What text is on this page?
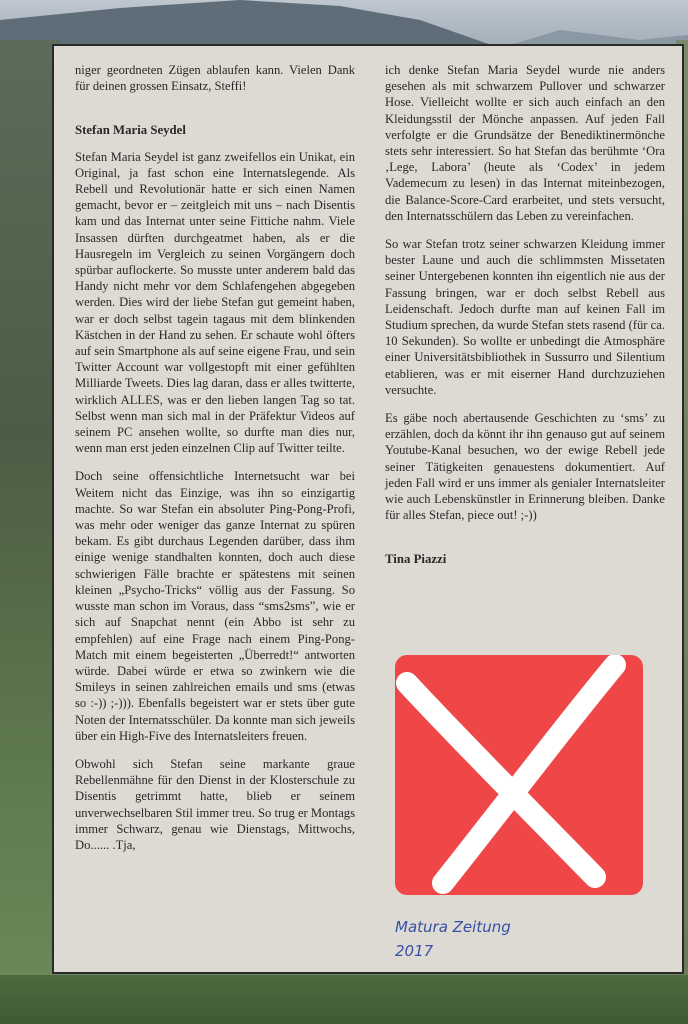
niger geordneten Zügen ablaufen kann. Vielen Dank für deinen grossen Einsatz, Steffi!

Stefan Maria Seydel

Stefan Maria Seydel ist ganz zweifellos ein Unikat, ein Original, ja fast schon eine Internatslegende. Als Rebell und Revolutionär hatte er sich einen Namen gemacht, bevor er – zeitgleich mit uns – nach Disentis kam und das Internat unter seine Fittiche nahm. Viele Insassen dürften durchgeatmet haben, als er die Hausregeln im Vergleich zu seinen Vorgängern doch spürbar auflockerte. So musste unter anderem bald das Handy nicht mehr vor dem Schlafengehen abgegeben werden. Dies wird der liebe Stefan gut gemeint haben, war er doch selbst tagein tagaus mit dem blinkenden Kästchen in der Hand zu sehen. Er schaute wohl öfters auf sein Smartphone als auf seine eigene Frau, und sein Twitter Account war vollgestopft mit einer gefühlten Milliarde Tweets. Dies lag daran, dass er alles twitterte, wirklich ALLES, was er den lieben langen Tag so tat. Selbst wenn man sich mal in der Präfektur Videos auf seinem PC ansehen wollte, so durfte man dies nur, wenn man erst jeden einzelnen Clip auf Twitter teilte.

Doch seine offensichtliche Internetsucht war bei Weitem nicht das Einzige, was ihn so einzigartig machte. So war Stefan ein absoluter Ping-Pong-Profi, was mehr oder weniger das ganze Internat zu spüren bekam. Es gibt durchaus Legenden darüber, dass ihm einige wenige standhalten konnten, doch auch diese schwierigen Fälle brachte er spätestens mit seinen kleinen „Psycho-Tricks“ völlig aus der Fassung. So wusste man schon im Voraus, dass “sms2sms”, wie er sich auf Snapchat nennt (ein Abbo ist sehr zu empfehlen) auf eine Frage nach einem Ping-Pong-Match mit einem begeisterten „Überredt!“ antworten würde. Dabei würde er etwa so zwinkern wie die Smileys in seinen zahlreichen emails und sms (etwas so :-)) ;-))). Ebenfalls begeistert war er stets über gute Noten der Internatsschüler. Da konnte man sich jeweils über ein High-Five des Internatsleiters freuen.

Obwohl sich Stefan seine markante graue Rebellenmähne für den Dienst in der Klosterschule zu Disentis getrimmt hatte, blieb er seinem unverwechselbaren Stil immer treu. So trug er Montags immer Schwarz, genau wie Dienstags, Mittwochs, Do...... .Tja,

ich denke Stefan Maria Seydel wurde nie anders gesehen als mit schwarzem Pullover und schwarzer Hose. Vielleicht wollte er sich auch einfach an den Kleidungsstil der Mönche anpassen. Auf jeden Fall verfolgte er die Grundsätze der Benediktinermönche stets sehr interessiert. So hat Stefan das berühmte ‘Ora ‚Lege, Labora’ (heute als ‘Codex’ in jedem Vademecum zu lesen) in das Internat miteinbezogen, die Balance-Score-Card erarbeitet, und stets versucht, den Internatsschülern das Leben zu vereinfachen.

So war Stefan trotz seiner schwarzen Kleidung immer bester Laune und auch die schlimmsten Missetaten seiner Untergebenen konnten ihn eigentlich nie aus der Fassung bringen, war er doch selbst Rebell aus Leidenschaft. Jedoch durfte man auf keinen Fall im Studium sprechen, da wurde Stefan stets rasend (für ca. 10 Sekunden). So wollte er unbedingt die Atmosphäre einer Universitätsbibliothek in Sussurro und Silentium etablieren, was er mit eiserner Hand durchzuziehen versuchte.

Es gäbe noch abertausende Geschichten zu ‘sms’ zu erzählen, doch da könnt ihr ihn genauso gut auf seinem Youtube-Kanal besuchen, wo der ewige Rebell jede seiner Tätigkeiten genauestens dokumentiert. Auf jeden Fall wird er uns immer als genialer Internatsleiter wie auch Lebenskünstler in Erinnerung bleiben. Danke für alles Stefan, piece out! ;-))

Tina Piazzi
Matura Zeitung
2017
